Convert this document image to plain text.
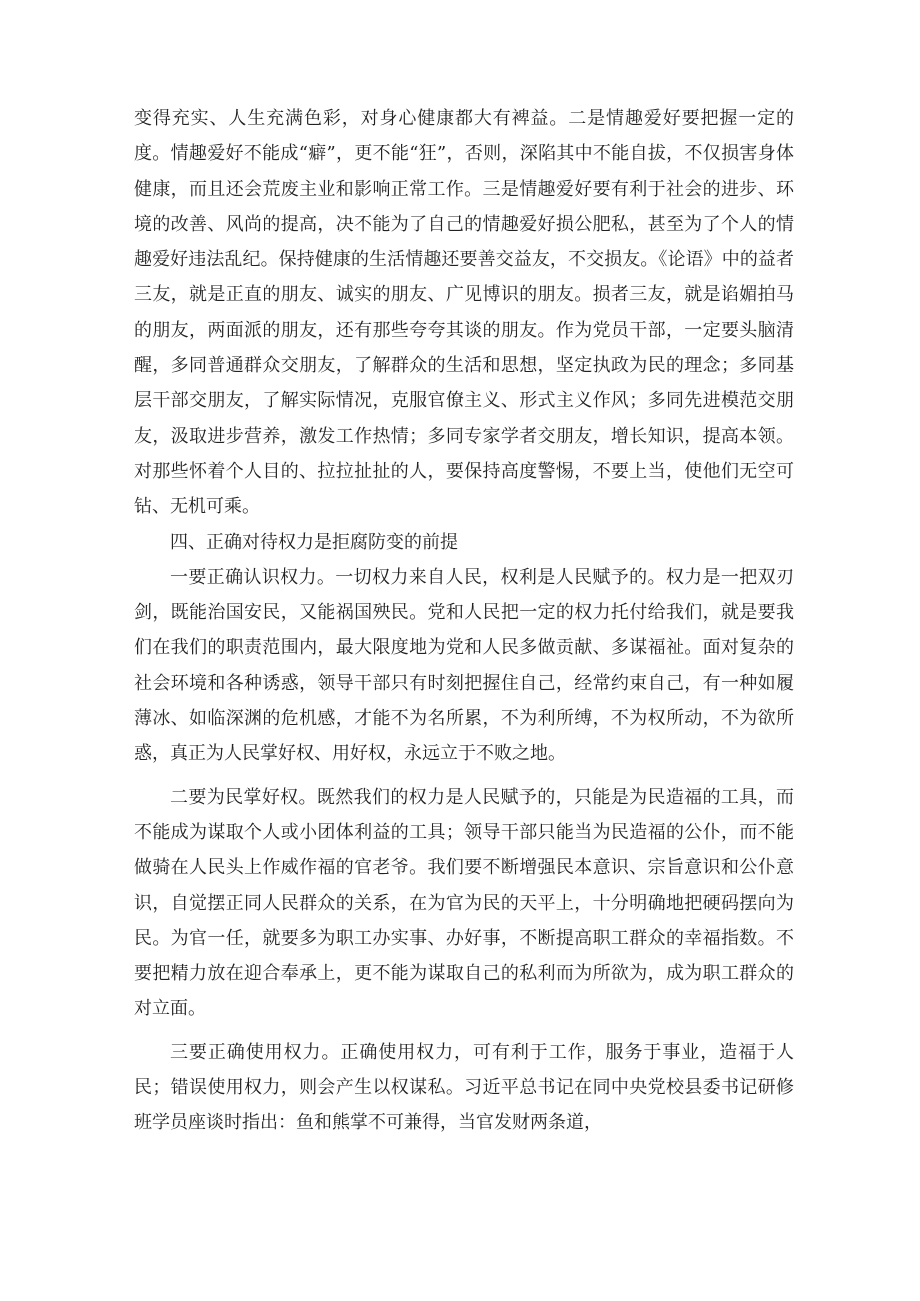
变得充实、人生充满色彩，对身心健康都大有裨益。二是情趣爱好要把握一定的度。情趣爱好不能成“癖”，更不能“狂”，否则，深陷其中不能自拔，不仅损害身体健康，而且还会荒废主业和影响正常工作。三是情趣爱好要有利于社会的进步、环境的改善、风尚的提高，决不能为了自己的情趣爱好损公肥私，甚至为了个人的情趣爱好违法乱纪。保持健康的生活情趣还要善交益友，不交损友。《论语》中的益者三友，就是正直的朋友、诚实的朋友、广见博识的朋友。损者三友，就是谄媚拍马的朋友，两面派的朋友，还有那些夸夸其谈的朋友。作为党员干部，一定要头脑清醒，多同普通群众交朋友，了解群众的生活和思想，坚定执政为民的理念；多同基层干部交朋友，了解实际情况，克服官僚主义、形式主义作风；多同先进模范交朋友，汲取进步营养，激发工作热情；多同专家学者交朋友，增长知识，提高本领。对那些怀着个人目的、拉拉扯扯的人，要保持高度警惕，不要上当，使他们无空可钻、无机可乘。

四、正确对待权力是拒腐防变的前提

一要正确认识权力。一切权力来自人民，权利是人民赋予的。权力是一把双刃剑，既能治国安民，又能祸国殃民。党和人民把一定的权力托付给我们，就是要我们在我们的职责范围内，最大限度地为党和人民多做贡献、多谋福祉。面对复杂的社会环境和各种诱惑，领导干部只有时刻把握住自己，经常约束自己，有一种如履薄冰、如临深渊的危机感，才能不为名所累，不为利所缚，不为权所动，不为欲所惑，真正为人民掌好权、用好权，永远立于不败之地。

二要为民掌好权。既然我们的权力是人民赋予的，只能是为民造福的工具，而不能成为谋取个人或小团体利益的工具；领导干部只能当为民造福的公仆，而不能做骑在人民头上作威作福的官老爷。我们要不断增强民本意识、宗旨意识和公仆意识，自觉摆正同人民群众的关系，在为官为民的天平上，十分明确地把硬码摆向为民。为官一任，就要多为职工办实事、办好事，不断提高职工群众的幸福指数。不要把精力放在迎合奉承上，更不能为谋取自己的私利而为所欲为，成为职工群众的对立面。

三要正确使用权力。正确使用权力，可有利于工作，服务于事业，造福于人民；错误使用权力，则会产生以权谋私。习近平总书记在同中央党校县委书记研修班学员座谈时指出：鱼和熊掌不可兼得，当官发财两条道，
